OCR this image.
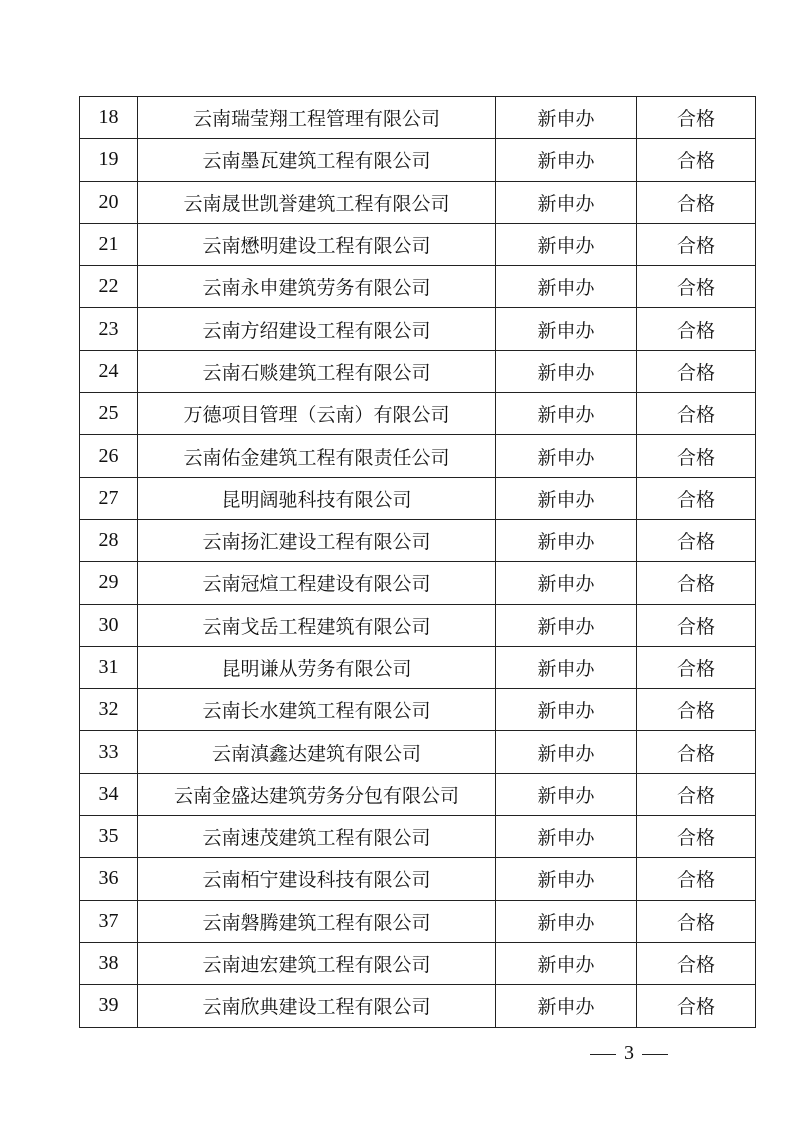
18	云南瑞莹翔工程管理有限公司	新申办	合格
19	云南墨瓦建筑工程有限公司	新申办	合格
20	云南晟世凯誉建筑工程有限公司	新申办	合格
21	云南懋明建设工程有限公司	新申办	合格
22	云南永申建筑劳务有限公司	新申办	合格
23	云南方绍建设工程有限公司	新申办	合格
24	云南石赕建筑工程有限公司	新申办	合格
25	万德项目管理（云南）有限公司	新申办	合格
26	云南佑金建筑工程有限责任公司	新申办	合格
27	昆明阔驰科技有限公司	新申办	合格
28	云南扬汇建设工程有限公司	新申办	合格
29	云南冠煊工程建设有限公司	新申办	合格
30	云南戈岳工程建筑有限公司	新申办	合格
31	昆明谦从劳务有限公司	新申办	合格
32	云南长水建筑工程有限公司	新申办	合格
33	云南滇鑫达建筑有限公司	新申办	合格
34	云南金盛达建筑劳务分包有限公司	新申办	合格
35	云南速茂建筑工程有限公司	新申办	合格
36	云南栢宁建设科技有限公司	新申办	合格
37	云南磐腾建筑工程有限公司	新申办	合格
38	云南迪宏建筑工程有限公司	新申办	合格
39	云南欣典建设工程有限公司	新申办	合格
3
